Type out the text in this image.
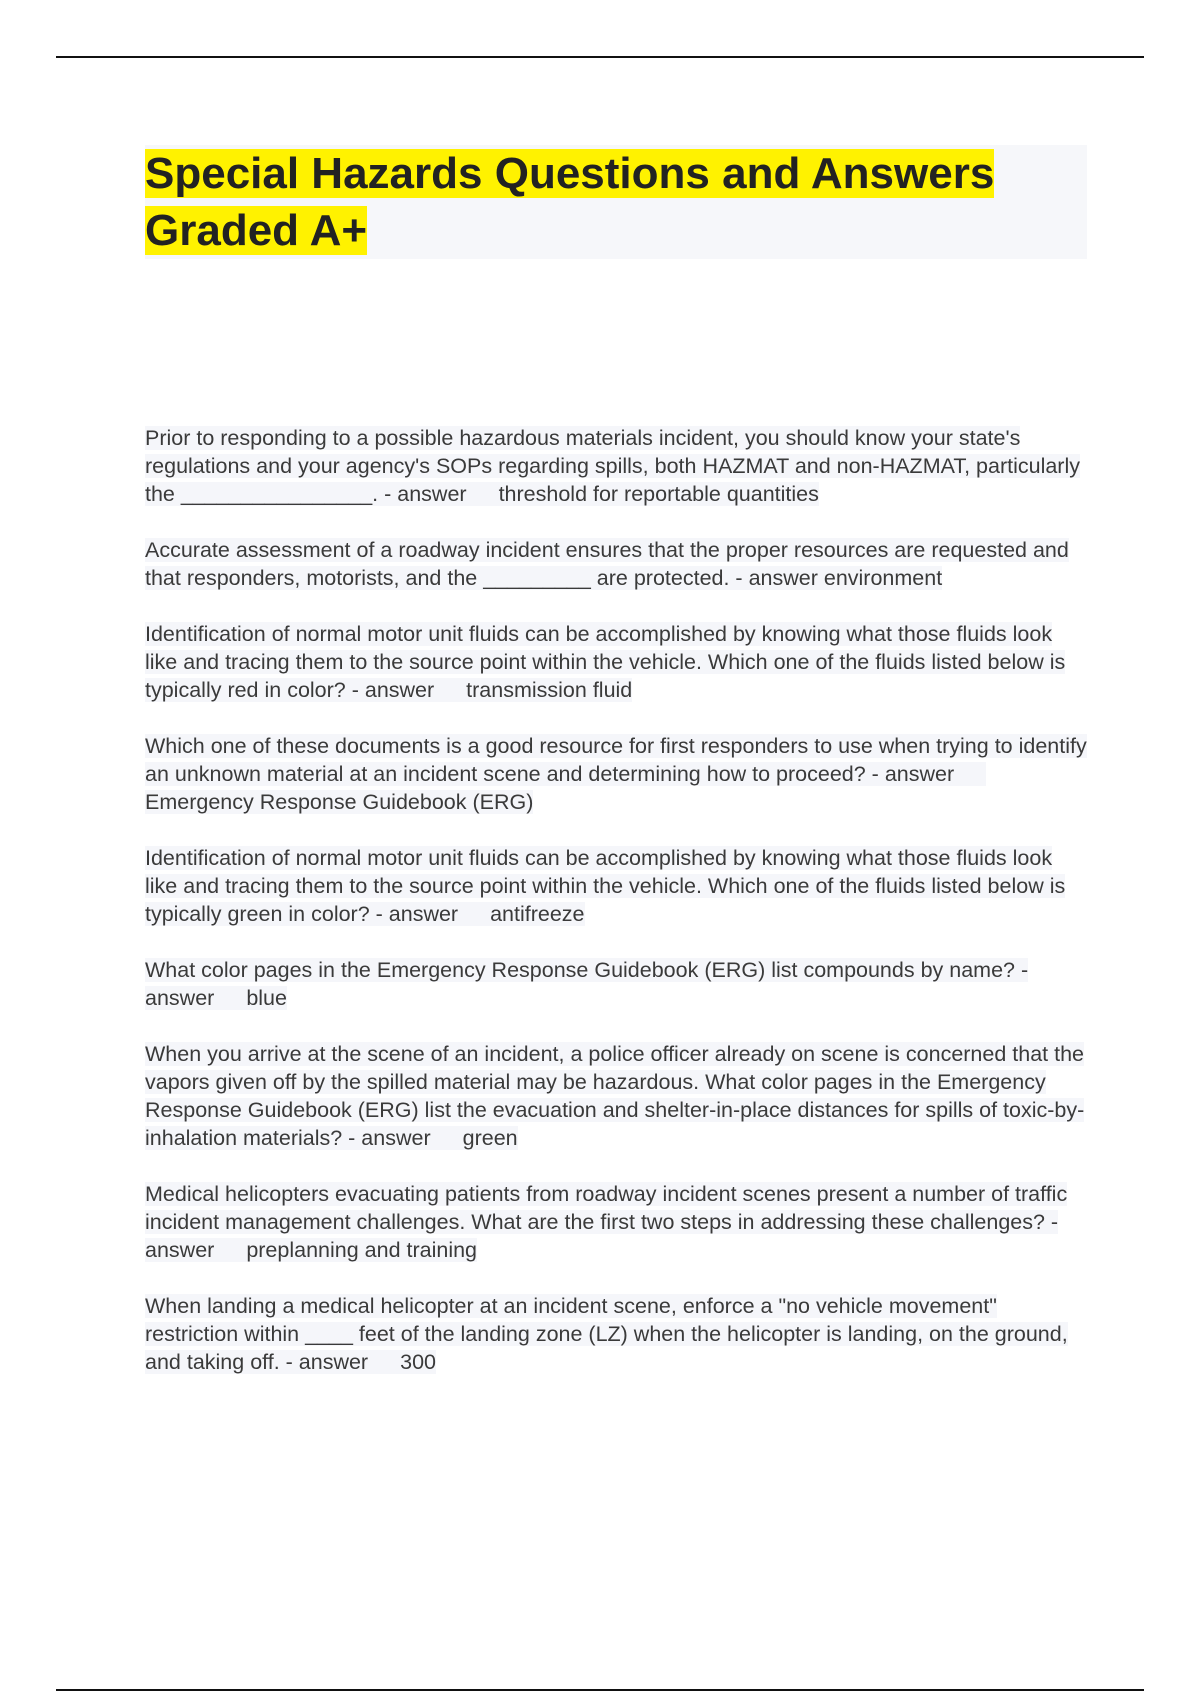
Special Hazards Questions and Answers
Graded A+

Prior to responding to a possible hazardous materials incident, you should know your state's regulations and your agency's SOPs regarding spills, both HAZMAT and non-HAZMAT, particularly the ________________. - answer threshold for reportable quantities

Accurate assessment of a roadway incident ensures that the proper resources are requested and that responders, motorists, and the _________ are protected. - answer environment

Identification of normal motor unit fluids can be accomplished by knowing what those fluids look like and tracing them to the source point within the vehicle. Which one of the fluids listed below is typically red in color? - answer transmission fluid

Which one of these documents is a good resource for first responders to use when trying to identify an unknown material at an incident scene and determining how to proceed? - answerEmergency Response Guidebook (ERG)

Identification of normal motor unit fluids can be accomplished by knowing what those fluids look like and tracing them to the source point within the vehicle. Which one of the fluids listed below is typically green in color? - answer antifreeze

What color pages in the Emergency Response Guidebook (ERG) list compounds by name? - answer blue

When you arrive at the scene of an incident, a police officer already on scene is concerned that the vapors given off by the spilled material may be hazardous. What color pages in the Emergency Response Guidebook (ERG) list the evacuation and shelter-in-place distances for spills of toxic-by-inhalation materials? - answer green

Medical helicopters evacuating patients from roadway incident scenes present a number of traffic incident management challenges. What are the first two steps in addressing these challenges? - answer preplanning and training

When landing a medical helicopter at an incident scene, enforce a "no vehicle movement" restriction within ____ feet of the landing zone (LZ) when the helicopter is landing, on the ground, and taking off. - answer 300
